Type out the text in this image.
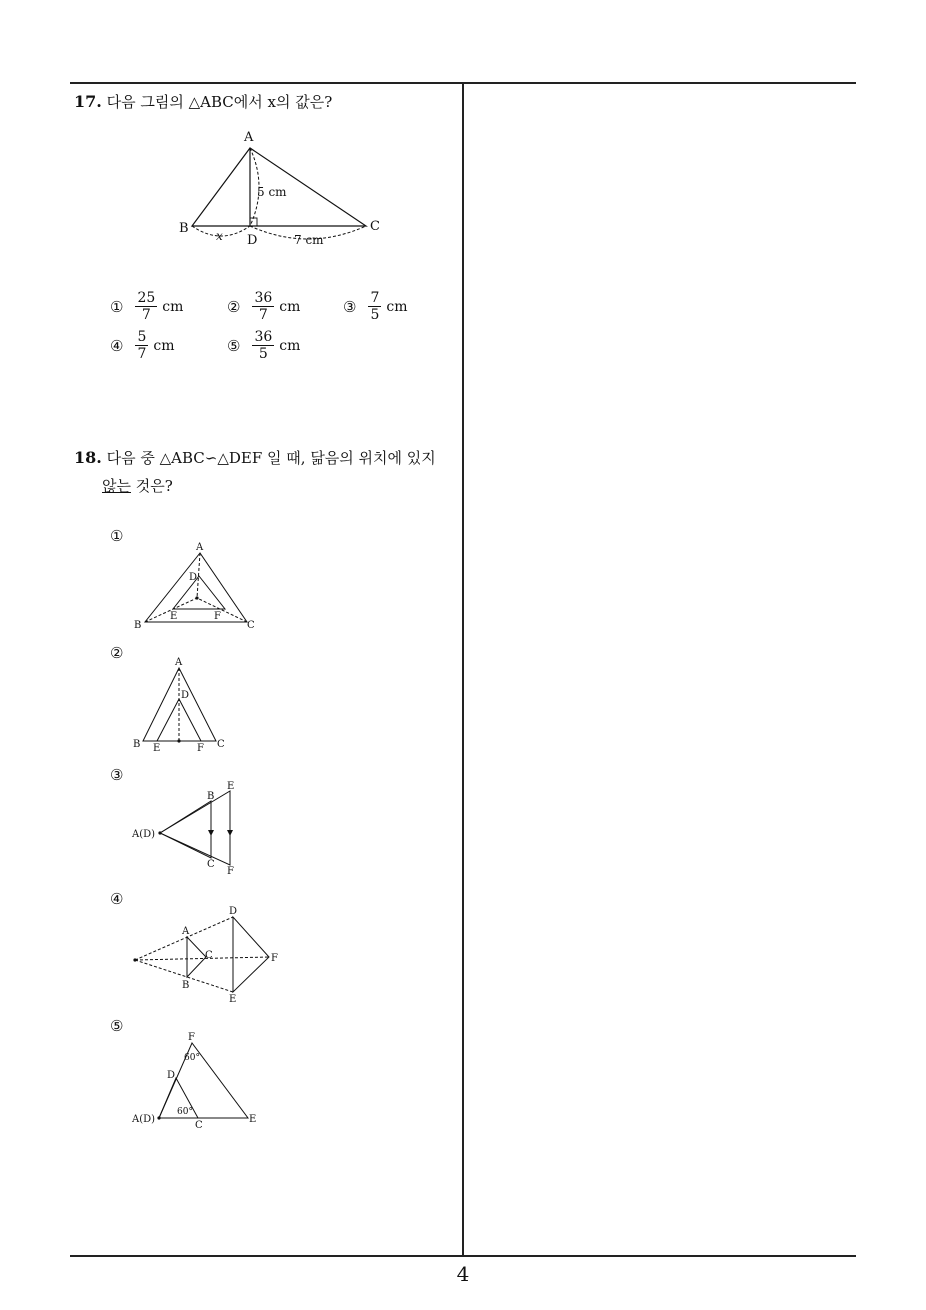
17. 다음 그림의 △ABC에서 x의 값은?
A
B	C
D
5 cm
x	7 cm
① $\frac{25}{7}$ cm	② $\frac{36}{7}$ cm	③ $\frac{7}{5}$ cm
④ $\frac{5}{7}$ cm	⑤ $\frac{36}{5}$ cm
18. 다음 중 △ABC∽△DEF 일 때, 닮음의 위치에 있지
않는 것은?
①
A
B	C
D
E	F
②
A
B	C
D
E	F
③
A(D)
B
C
E
F
④
A
B
C
D
E
F
⑤
A(D)
C
D
E
F
60°
60°
4
